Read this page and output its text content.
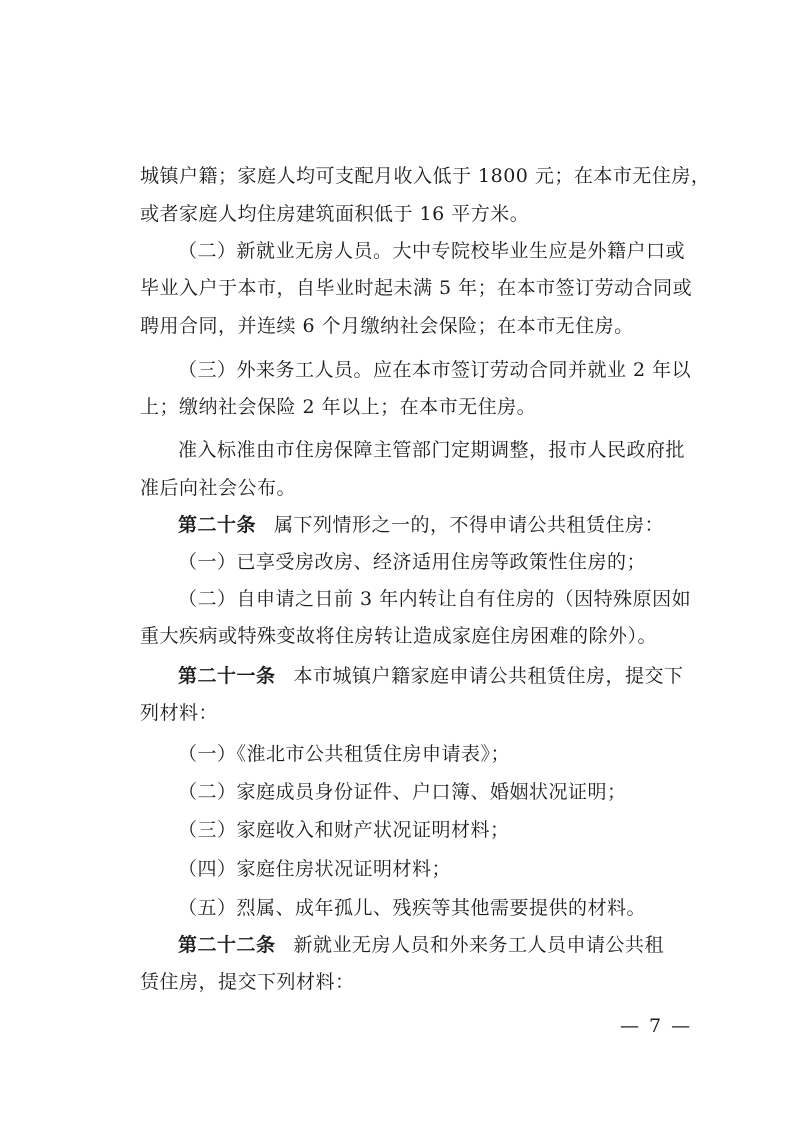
城镇户籍；家庭人均可支配月收入低于 1800 元；在本市无住房，
或者家庭人均住房建筑面积低于 16 平方米。
（二）新就业无房人员。大中专院校毕业生应是外籍户口或
毕业入户于本市，自毕业时起未满 5 年；在本市签订劳动合同或
聘用合同，并连续 6 个月缴纳社会保险；在本市无住房。
（三）外来务工人员。应在本市签订劳动合同并就业 2 年以
上；缴纳社会保险 2 年以上；在本市无住房。
准入标准由市住房保障主管部门定期调整，报市人民政府批
准后向社会公布。
第二十条 属下列情形之一的，不得申请公共租赁住房：
（一）已享受房改房、经济适用住房等政策性住房的；
（二）自申请之日前 3 年内转让自有住房的（因特殊原因如
重大疾病或特殊变故将住房转让造成家庭住房困难的除外）。
第二十一条 本市城镇户籍家庭申请公共租赁住房，提交下
列材料：
（一）《淮北市公共租赁住房申请表》；
（二）家庭成员身份证件、户口簿、婚姻状况证明；
（三）家庭收入和财产状况证明材料；
（四）家庭住房状况证明材料；
（五）烈属、成年孤儿、残疾等其他需要提供的材料。
第二十二条 新就业无房人员和外来务工人员申请公共租
赁住房，提交下列材料：
— 7 —
